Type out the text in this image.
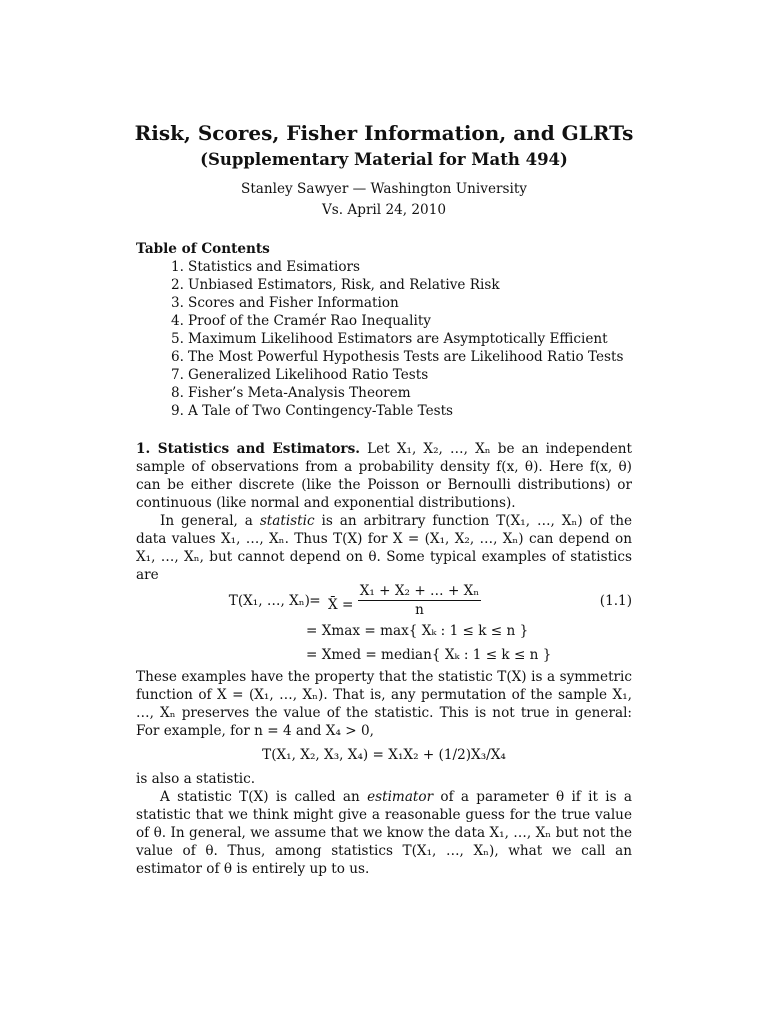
Risk, Scores, Fisher Information, and GLRTs
(Supplementary Material for Math 494)
Stanley Sawyer — Washington University
Vs. April 24, 2010
Table of Contents
1. Statistics and Esimatiors
2. Unbiased Estimators, Risk, and Relative Risk
3. Scores and Fisher Information
4. Proof of the Cramér Rao Inequality
5. Maximum Likelihood Estimators are Asymptotically Efficient
6. The Most Powerful Hypothesis Tests are Likelihood Ratio Tests
7. Generalized Likelihood Ratio Tests
8. Fisher’s Meta-Analysis Theorem
9. A Tale of Two Contingency-Table Tests

1. Statistics and Estimators. Let X₁, X₂, …, Xₙ be an independent sample of observations from a probability density f(x, θ). Here f(x, θ) can be either discrete (like the Poisson or Bernoulli distributions) or continuous (like normal and exponential distributions).

In general, a statistic is an arbitrary function T(X₁, …, Xₙ) of the data values X₁, …, Xₙ. Thus T(X) for X = (X₁, X₂, …, Xₙ) can depend on X₁, …, Xₙ, but cannot depend on θ. Some typical examples of statistics are

T(X₁, …, Xₙ) = X̄ = $\frac{\text{X₁ + X₂ + … + Xₙ}}{n}$	(1.1)
= Xmax = max{ Xₖ : 1 ≤ k ≤ n }
= Xmed = median{ Xₖ : 1 ≤ k ≤ n }

These examples have the property that the statistic T(X) is a symmetric function of X = (X₁, …, Xₙ). That is, any permutation of the sample X₁, …, Xₙ preserves the value of the statistic. This is not true in general: For example, for n = 4 and X₄ > 0,

T(X₁, X₂, X₃, X₄) = X₁X₂ + (1/2)X₃/X₄

is also a statistic.

A statistic T(X) is called an estimator of a parameter θ if it is a statistic that we think might give a reasonable guess for the true value of θ. In general, we assume that we know the data X₁, …, Xₙ but not the value of θ. Thus, among statistics T(X₁, …, Xₙ), what we call an estimator of θ is entirely up to us.
